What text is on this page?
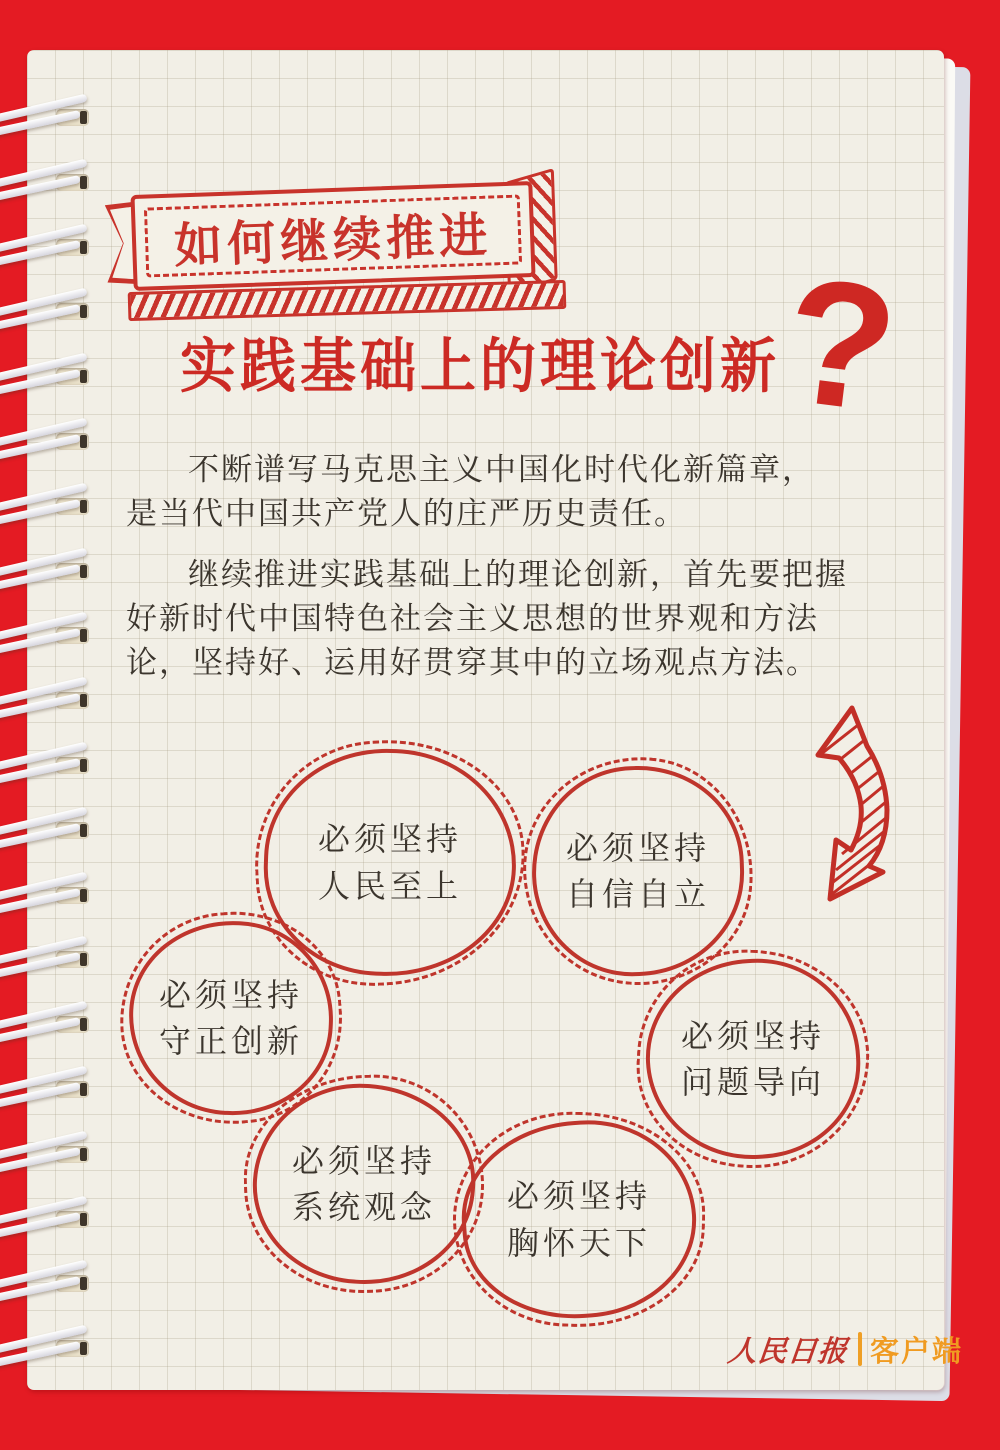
如何继续推进
实践基础上的理论创新
?

不断谱写马克思主义中国化时代化新篇章，
是当代中国共产党人的庄严历史责任。

继续推进实践基础上的理论创新，首先要把握
好新时代中国特色社会主义思想的世界观和方法
论，坚持好、运用好贯穿其中的立场观点方法。

必须坚持
人民至上
必须坚持
自信自立
必须坚持
守正创新	必须坚持
问题导向
必须坚持
系统观念 必须坚持
胸怀天下
人民日报 客户端
